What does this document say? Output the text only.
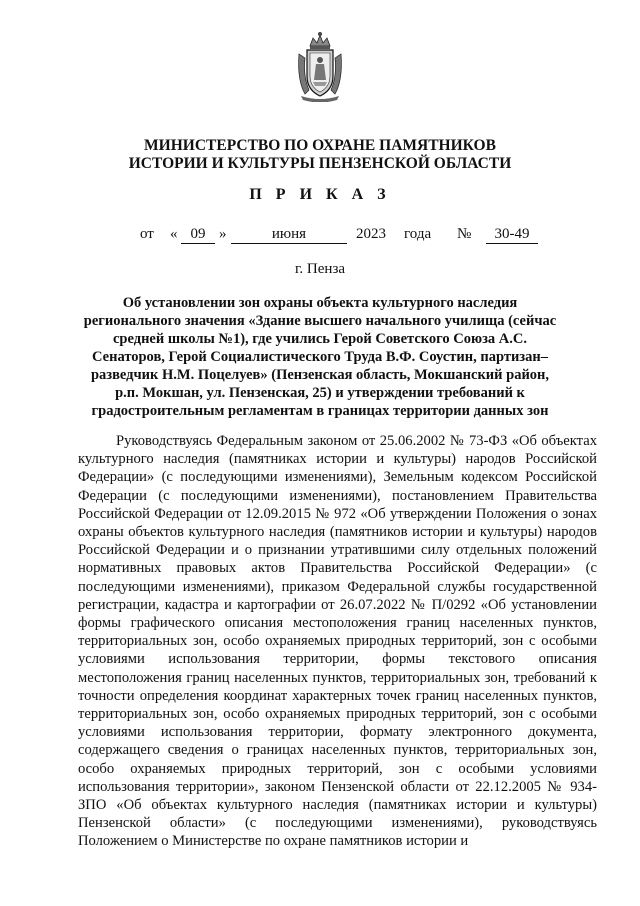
МИНИСТЕРСТВО ПО ОХРАНЕ ПАМЯТНИКОВ
ИСТОРИИ И КУЛЬТУРЫ ПЕНЗЕНСКОЙ ОБЛАСТИ
П Р И К А З
от « 09 »	июня	2023 года №	30-49
г. Пенза
Об установлении зон охраны объекта культурного наследия регионального значения «Здание высшего начального училища (сейчас средней школы №1), где учились Герой Советского Союза А.С. Сенаторов, Герой Социалистического Труда В.Ф. Соустин, партизан–разведчик Н.М. Поцелуев» (Пензенская область, Мокшанский район, р.п. Мокшан, ул. Пензенская, 25) и утверждении требований к градостроительным регламентам в границах территории данных зон
Руководствуясь Федеральным законом от 25.06.2002 № 73-ФЗ «Об объектах культурного наследия (памятниках истории и культуры) народов Российской Федерации» (с последующими изменениями), Земельным кодексом Российской Федерации (с последующими изменениями), постановлением Правительства Российской Федерации от 12.09.2015 № 972 «Об утверждении Положения о зонах охраны объектов культурного наследия (памятников истории и культуры) народов Российской Федерации и о признании утратившими силу отдельных положений нормативных правовых актов Правительства Российской Федерации» (с последующими изменениями), приказом Федеральной службы государственной регистрации, кадастра и картографии от 26.07.2022 № П/0292 «Об установлении формы графического описания местоположения границ населенных пунктов, территориальных зон, особо охраняемых природных территорий, зон с особыми условиями использования территории, формы текстового описания местоположения границ населенных пунктов, территориальных зон, требований к точности определения координат характерных точек границ населенных пунктов, территориальных зон, особо охраняемых природных территорий, зон с особыми условиями использования территории, формату электронного документа, содержащего сведения о границах населенных пунктов, территориальных зон, особо охраняемых природных территорий, зон с особыми условиями использования территории», законом Пензенской области от 22.12.2005 № 934-ЗПО «Об объектах культурного наследия (памятниках истории и культуры) Пензенской области» (с последующими изменениями), руководствуясь Положением о Министерстве по охране памятников истории и
